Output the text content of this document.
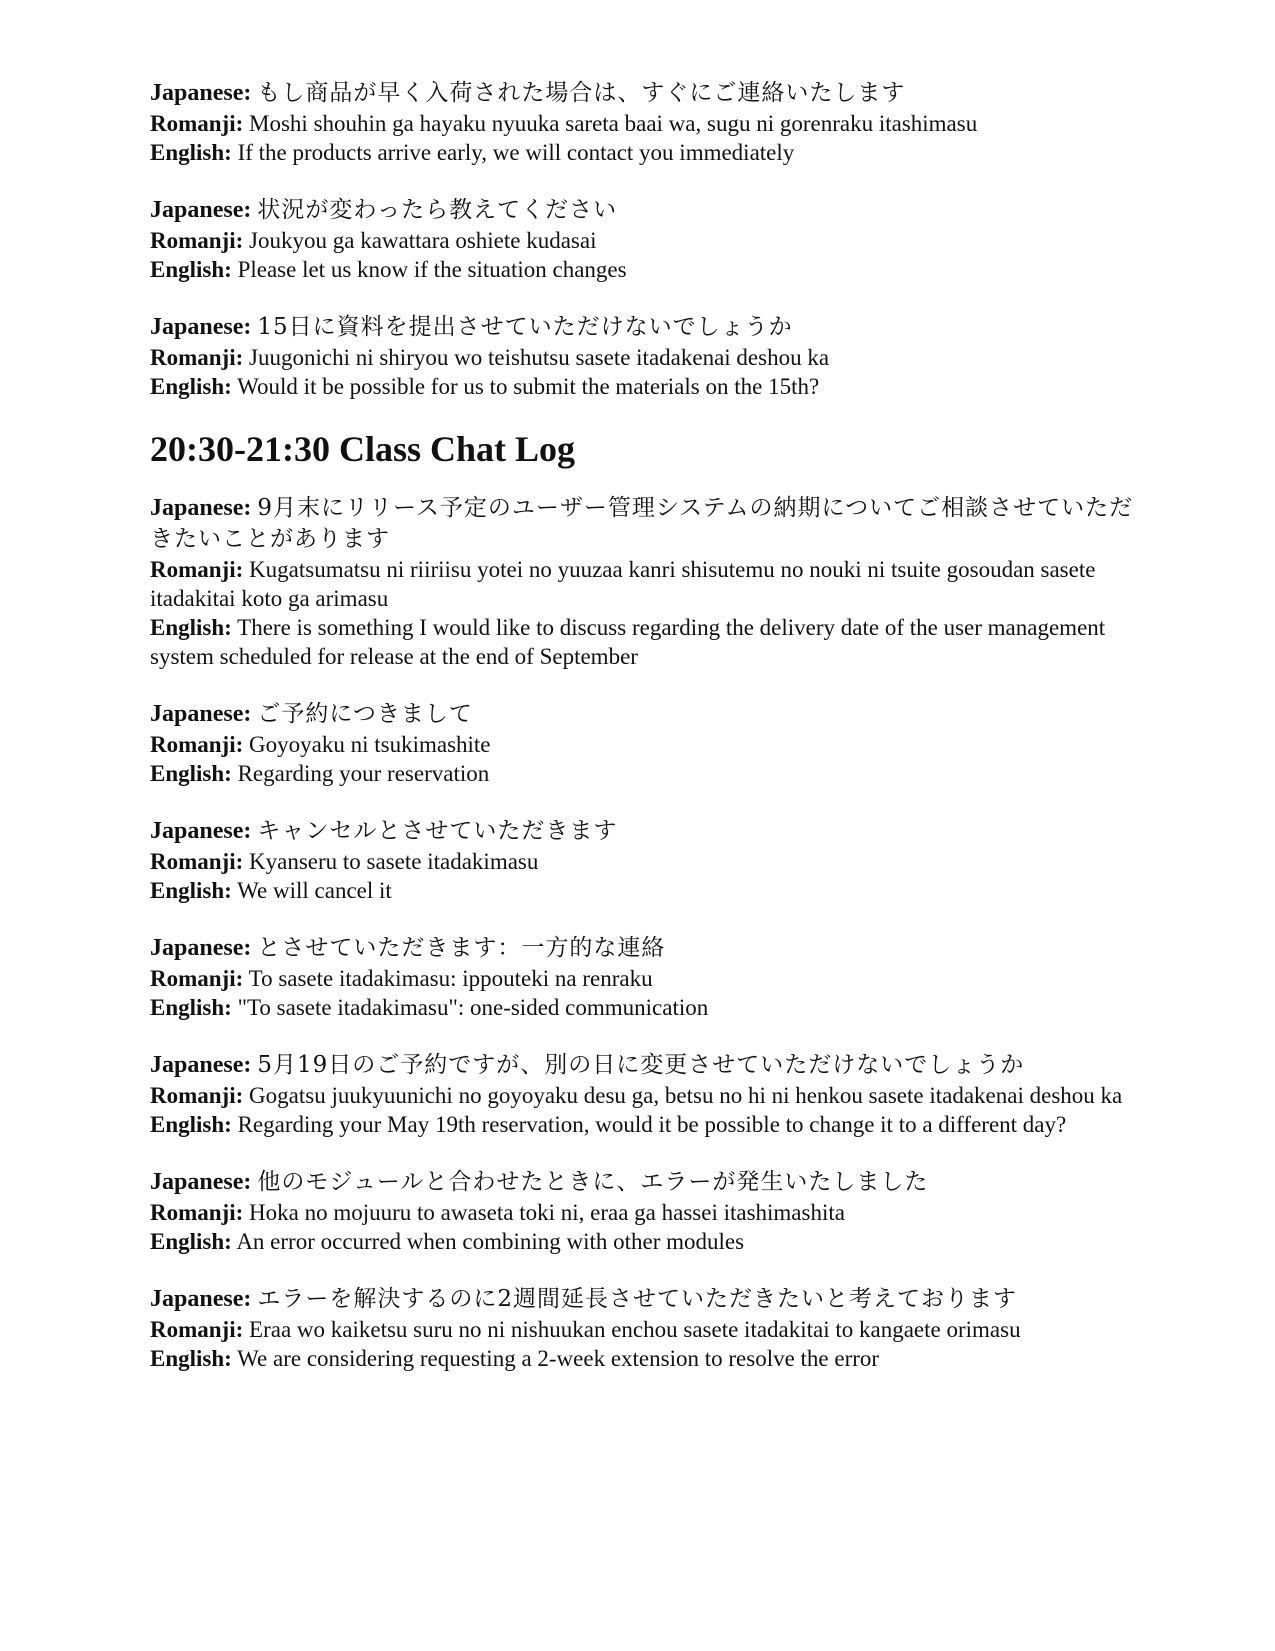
Japanese: もし商品が早く入荷された場合は、すぐにご連絡いたします

Romanji: Moshi shouhin ga hayaku nyuuka sareta baai wa, sugu ni gorenraku itashimasu

English: If the products arrive early, we will contact you immediately

Japanese: 状況が変わったら教えてください

Romanji: Joukyou ga kawattara oshiete kudasai

English: Please let us know if the situation changes

Japanese: 15日に資料を提出させていただけないでしょうか

Romanji: Juugonichi ni shiryou wo teishutsu sasete itadakenai deshou ka

English: Would it be possible for us to submit the materials on the 15th?

20:30-21:30 Class Chat Log

Japanese: 9月末にリリース予定のユーザー管理システムの納期についてご相談させていただきたいことがあります

Romanji: Kugatsumatsu ni riiriisu yotei no yuuzaa kanri shisutemu no nouki ni tsuite gosoudan sasete itadakitai koto ga arimasu

English: There is something I would like to discuss regarding the delivery date of the user management system scheduled for release at the end of September

Japanese: ご予約につきまして

Romanji: Goyoyaku ni tsukimashite

English: Regarding your reservation

Japanese: キャンセルとさせていただきます

Romanji: Kyanseru to sasete itadakimasu

English: We will cancel it

Japanese: とさせていただきます：一方的な連絡

Romanji: To sasete itadakimasu: ippouteki na renraku

English: "To sasete itadakimasu": one-sided communication

Japanese: 5月19日のご予約ですが、別の日に変更させていただけないでしょうか

Romanji: Gogatsu juukyuunichi no goyoyaku desu ga, betsu no hi ni henkou sasete itadakenai deshou ka

English: Regarding your May 19th reservation, would it be possible to change it to a different day?

Japanese: 他のモジュールと合わせたときに、エラーが発生いたしました

Romanji: Hoka no mojuuru to awaseta toki ni, eraa ga hassei itashimashita

English: An error occurred when combining with other modules

Japanese: エラーを解決するのに2週間延長させていただきたいと考えております

Romanji: Eraa wo kaiketsu suru no ni nishuukan enchou sasete itadakitai to kangaete orimasu

English: We are considering requesting a 2-week extension to resolve the error
